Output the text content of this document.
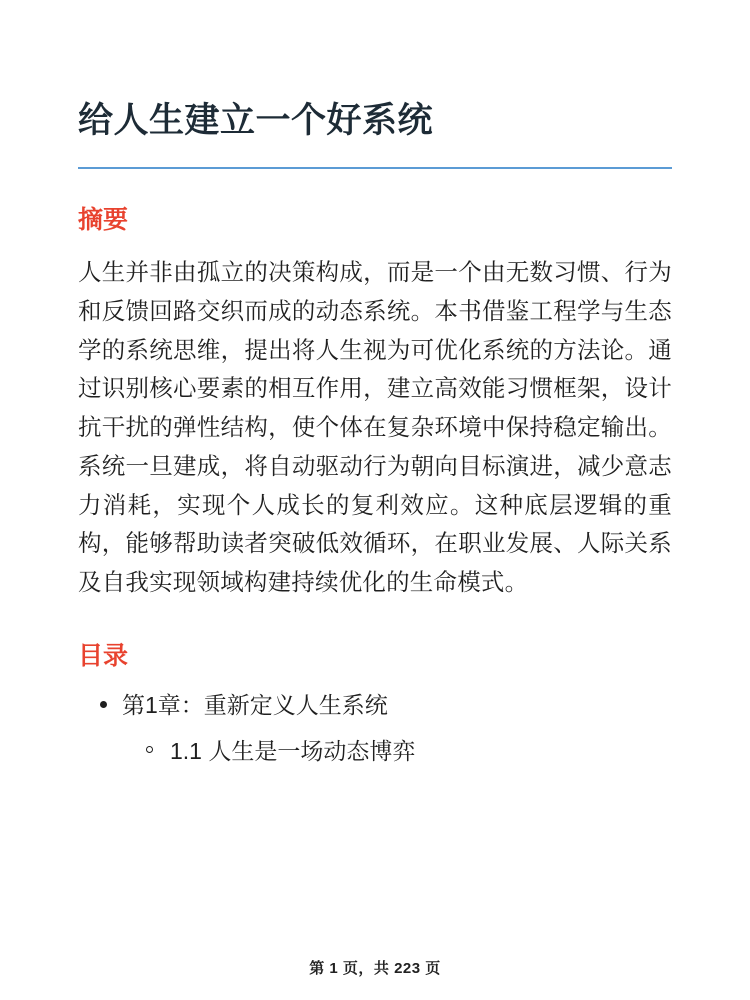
给人生建立一个好系统
摘要

人生并非由孤立的决策构成，而是一个由无数习惯、行为和反馈回路交织而成的动态系统。本书借鉴工程学与生态学的系统思维，提出将人生视为可优化系统的方法论。通过识别核心要素的相互作用，建立高效能习惯框架，设计抗干扰的弹性结构，使个体在复杂环境中保持稳定输出。系统一旦建成，将自动驱动行为朝向目标演进，减少意志力消耗，实现个人成长的复利效应。这种底层逻辑的重构，能够帮助读者突破低效循环，在职业发展、人际关系及自我实现领域构建持续优化的生命模式。

目录
第1章：重新定义人生系统
1.1 人生是一场动态博弈
第 1 页，共 223 页
